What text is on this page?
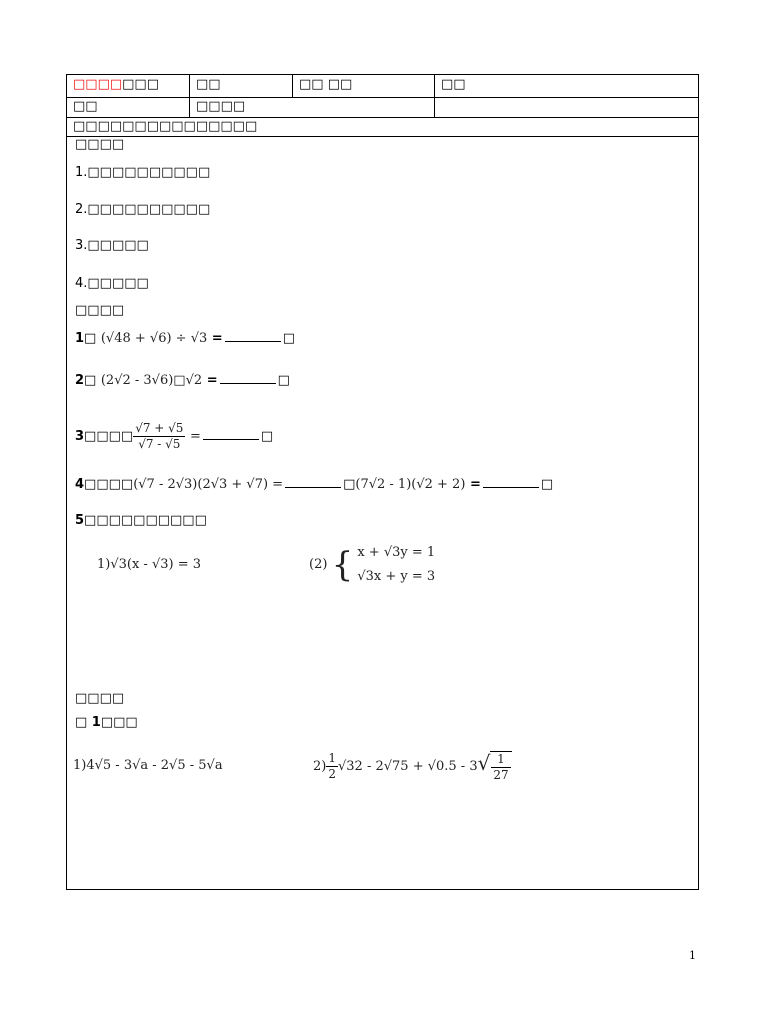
□□□□□□□	□□	□□ □□	□□
□□	□□□□
□□□□□□□□□□□□□□□
□□□□
1.□□□□□□□□□□
2.□□□□□□□□□□
3.□□□□□
4.□□□□□
□□□□
1□ (√48 + √6) ÷ √3 =	□
2□ (2√2 - 3√6)□√2 =	□
3□□□□ $\frac{√7 + √5}{√7 - √5}$ =	□
4□□□□(√7 - 2√3)(2√3 + √7) =	□(7√2 - 1)(√2 + 2) =	□
5□□□□□□□□□□
1)√3(x - √3) = 3	(2) { x + √3y = 1
√3x + y = 3
□□□□
□ 1□□□
1)4√5 - 3√a - 2√5 - 5√a	$2) \frac{1}{2} √32 - 2√75 + √0.5 - 3√ \frac{1}{27}$
1
